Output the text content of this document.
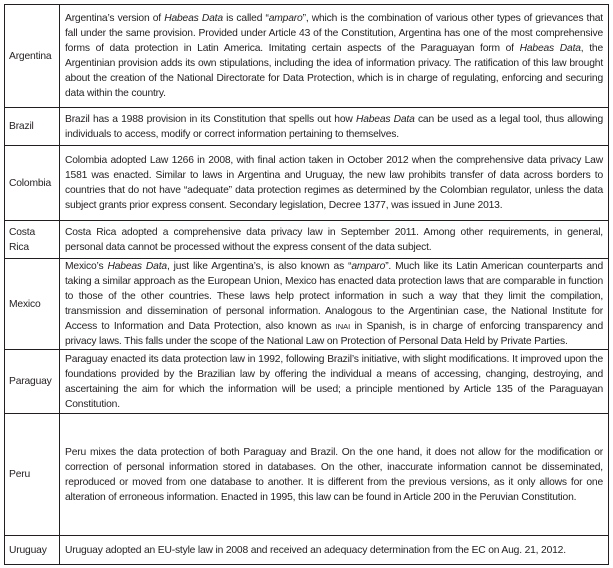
Argentina	Argentina’s version of Habeas Data is called “amparo”, which is the combination of various other types of grievances that fall under the same provision. Provided under Article 43 of the Constitution, Argentina has one of the most comprehensive forms of data protection in Latin America. Imitating certain aspects of the Paraguayan form of Habeas Data, the Argentinian provision adds its own stipulations, including the idea of information privacy. The ratification of this law brought about the creation of the National Directorate for Data Protection, which is in charge of regulating, enforcing and securing data within the country.
Brazil	Brazil has a 1988 provision in its Constitution that spells out how Habeas Data can be used as a legal tool, thus allowing individuals to access, modify or correct information pertaining to themselves.
Colombia	Colombia adopted Law 1266 in 2008, with final action taken in October 2012 when the comprehensive data privacy Law 1581 was enacted. Similar to laws in Argentina and Uruguay, the new law prohibits transfer of data across borders to countries that do not have “adequate” data protection regimes as determined by the Colombian regulator, unless the data subject grants prior express consent. Secondary legislation, Decree 1377, was issued in June 2013.
Costa Rica	Costa Rica adopted a comprehensive data privacy law in September 2011. Among other requirements, in general, personal data cannot be processed without the express consent of the data subject.
Mexico	Mexico’s Habeas Data, just like Argentina’s, is also known as “amparo”. Much like its Latin American counterparts and taking a similar approach as the European Union, Mexico has enacted data protection laws that are comparable in function to those of the other countries. These laws help protect information in such a way that they limit the compilation, transmission and dissemination of personal information. Analogous to the Argentinian case, the National Institute for Access to Information and Data Protection, also known as INAI in Spanish, is in charge of enforcing transparency and privacy laws. This falls under the scope of the National Law on Protection of Personal Data Held by Private Parties.
Paraguay	Paraguay enacted its data protection law in 1992, following Brazil’s initiative, with slight modifications. It improved upon the foundations provided by the Brazilian law by offering the individual a means of accessing, changing, destroying, and ascertaining the aim for which the information will be used; a principle mentioned by Article 135 of the Paraguayan Constitution.
Peru	Peru mixes the data protection of both Paraguay and Brazil. On the one hand, it does not allow for the modification or correction of personal information stored in databases. On the other, inaccurate information cannot be disseminated, reproduced or moved from one database to another. It is different from the previous versions, as it only allows for one alteration of erroneous information. Enacted in 1995, this law can be found in Article 200 in the Peruvian Constitution.
Uruguay	Uruguay adopted an EU-style law in 2008 and received an adequacy determination from the EC on Aug. 21, 2012.
